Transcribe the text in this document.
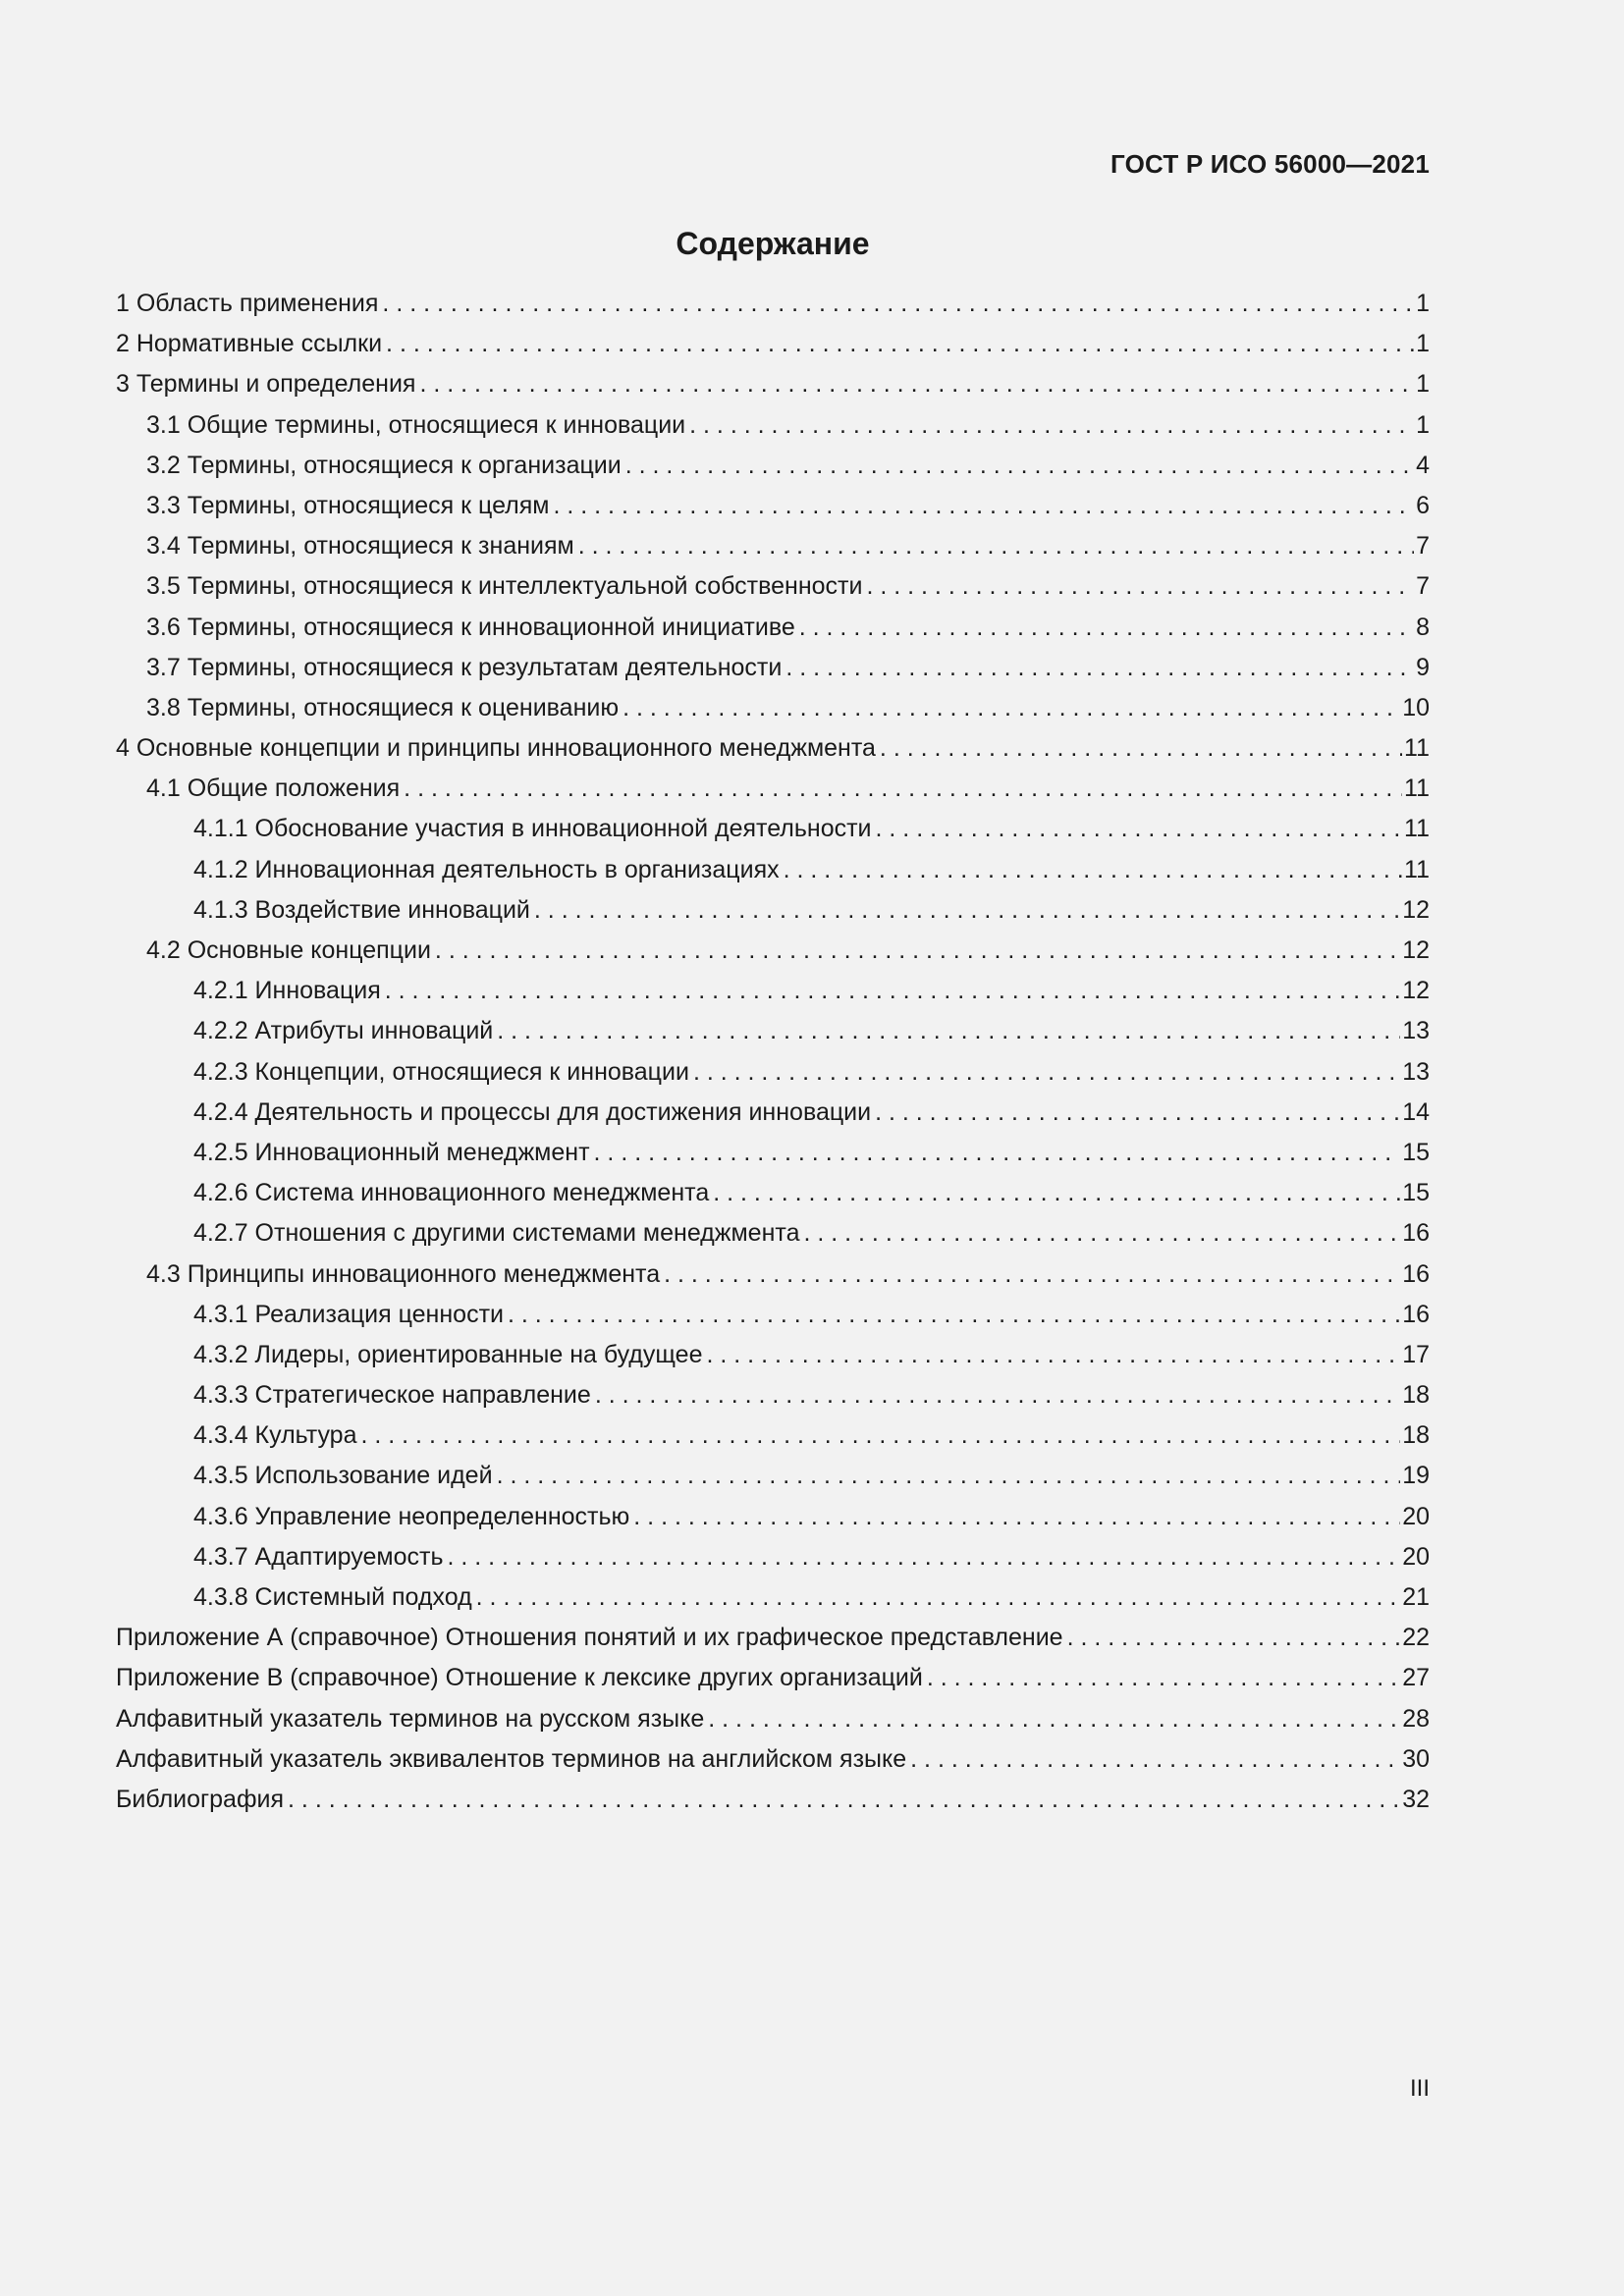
ГОСТ Р ИСО 56000—2021
Содержание
1 Область применения . . .	1
2 Нормативные ссылки . . .	1
3 Термины и определения . . .	1
3.1 Общие термины, относящиеся к инновации . . .	1
3.2 Термины, относящиеся к организации . . .	4
3.3 Термины, относящиеся к целям . . .	6
3.4 Термины, относящиеся к знаниям . . .	7
3.5 Термины, относящиеся к интеллектуальной собственности . . .	7
3.6 Термины, относящиеся к инновационной инициативе . . .	8
3.7 Термины, относящиеся к результатам деятельности . . .	9
3.8 Термины, относящиеся к оцениванию . . .	10
4 Основные концепции и принципы инновационного менеджмента . . .	11
4.1 Общие положения . . .	11
4.1.1 Обоснование участия в инновационной деятельности . . .	11
4.1.2 Инновационная деятельность в организациях . . .	11
4.1.3 Воздействие инноваций . . .	12
4.2 Основные концепции . . .	12
4.2.1 Инновация . . .	12
4.2.2 Атрибуты инноваций . . .	13
4.2.3 Концепции, относящиеся к инновации . . .	13
4.2.4 Деятельность и процессы для достижения инновации . . .	14
4.2.5 Инновационный менеджмент . . .	15
4.2.6 Система инновационного менеджмента . . .	15
4.2.7 Отношения с другими системами менеджмента . . .	16
4.3 Принципы инновационного менеджмента . . .	16
4.3.1 Реализация ценности . . .	16
4.3.2 Лидеры, ориентированные на будущее . . .	17
4.3.3 Стратегическое направление . . .	18
4.3.4 Культура . . .	18
4.3.5 Использование идей . . .	19
4.3.6 Управление неопределенностью . . .	20
4.3.7 Адаптируемость . . .	20
4.3.8 Системный подход . . .	21
Приложение А (справочное) Отношения понятий и их графическое представление . . .	22
Приложение В (справочное) Отношение к лексике других организаций . . .	27
Алфавитный указатель терминов на русском языке . . .	28
Алфавитный указатель эквивалентов терминов на английском языке . . .	30
Библиография . . .	32
III
